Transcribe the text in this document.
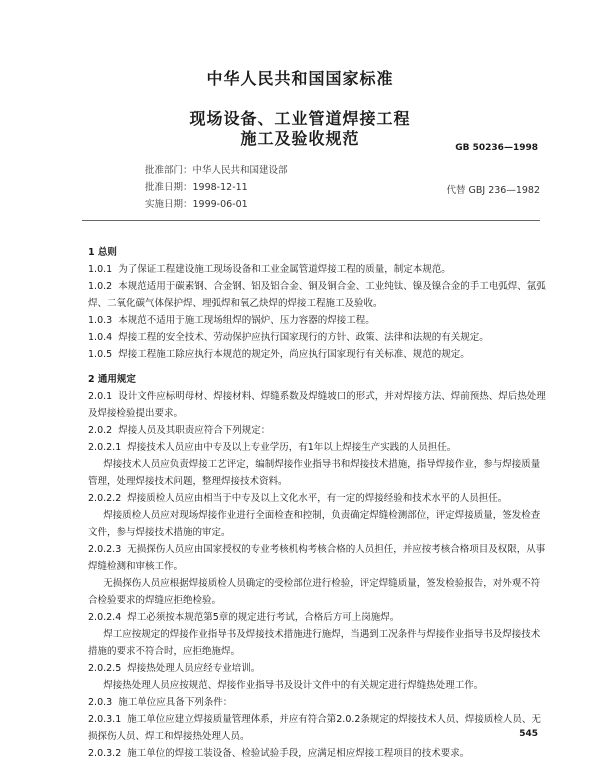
中华人民共和国国家标准
现场设备、工业管道焊接工程
施工及验收规范	GB 50236—1998
批准部门：中华人民共和国建设部
批准日期：1998-12-11
实施日期：1999-06-01
代替 GBJ 236—1982

1 总则

1.0.1 为了保证工程建设施工现场设备和工业金属管道焊接工程的质量，制定本规范。

1.0.2 本规范适用于碳素钢、合金钢、铝及铝合金、铜及铜合金、工业纯钛、镍及镍合金的手工电弧焊、氩弧焊、二氧化碳气体保护焊、埋弧焊和氧乙炔焊的焊接工程施工及验收。

1.0.3 本规范不适用于施工现场组焊的锅炉、压力容器的焊接工程。

1.0.4 焊接工程的安全技术、劳动保护应执行国家现行的方针、政策、法律和法规的有关规定。

1.0.5 焊接工程施工除应执行本规范的规定外，尚应执行国家现行有关标准、规范的规定。

2 通用规定

2.0.1 设计文件应标明母材、焊接材料、焊缝系数及焊缝坡口的形式，并对焊接方法、焊前预热、焊后热处理及焊接检验提出要求。

2.0.2 焊接人员及其职责应符合下列规定：

2.0.2.1 焊接技术人员应由中专及以上专业学历，有1年以上焊接生产实践的人员担任。

焊接技术人员应负责焊接工艺评定，编制焊接作业指导书和焊接技术措施，指导焊接作业，参与焊接质量管理，处理焊接技术问题，整理焊接技术资料。

2.0.2.2 焊接质检人员应由相当于中专及以上文化水平，有一定的焊接经验和技术水平的人员担任。

焊接质检人员应对现场焊接作业进行全面检查和控制，负责确定焊缝检测部位，评定焊接质量，签发检查文件，参与焊接技术措施的审定。

2.0.2.3 无损探伤人员应由国家授权的专业考核机构考核合格的人员担任，并应按考核合格项目及权限，从事焊缝检测和审核工作。

无损探伤人员应根据焊接质检人员确定的受检部位进行检验，评定焊缝质量，签发检验报告，对外观不符合检验要求的焊缝应拒绝检验。

2.0.2.4 焊工必须按本规范第5章的规定进行考试，合格后方可上岗施焊。

焊工应按规定的焊接作业指导书及焊接技术措施进行施焊，当遇到工况条件与焊接作业指导书及焊接技术措施的要求不符合时，应拒绝施焊。

2.0.2.5 焊接热处理人员应经专业培训。

焊接热处理人员应按规范、焊接作业指导书及设计文件中的有关规定进行焊缝热处理工作。

2.0.3 施工单位应具备下列条件：

2.0.3.1 施工单位应建立焊接质量管理体系，并应有符合第2.0.2条规定的焊接技术人员、焊接质检人员、无损探伤人员、焊工和焊接热处理人员。

2.0.3.2 施工单位的焊接工装设备、检验试验手段，应满足相应焊接工程项目的技术要求。

545
